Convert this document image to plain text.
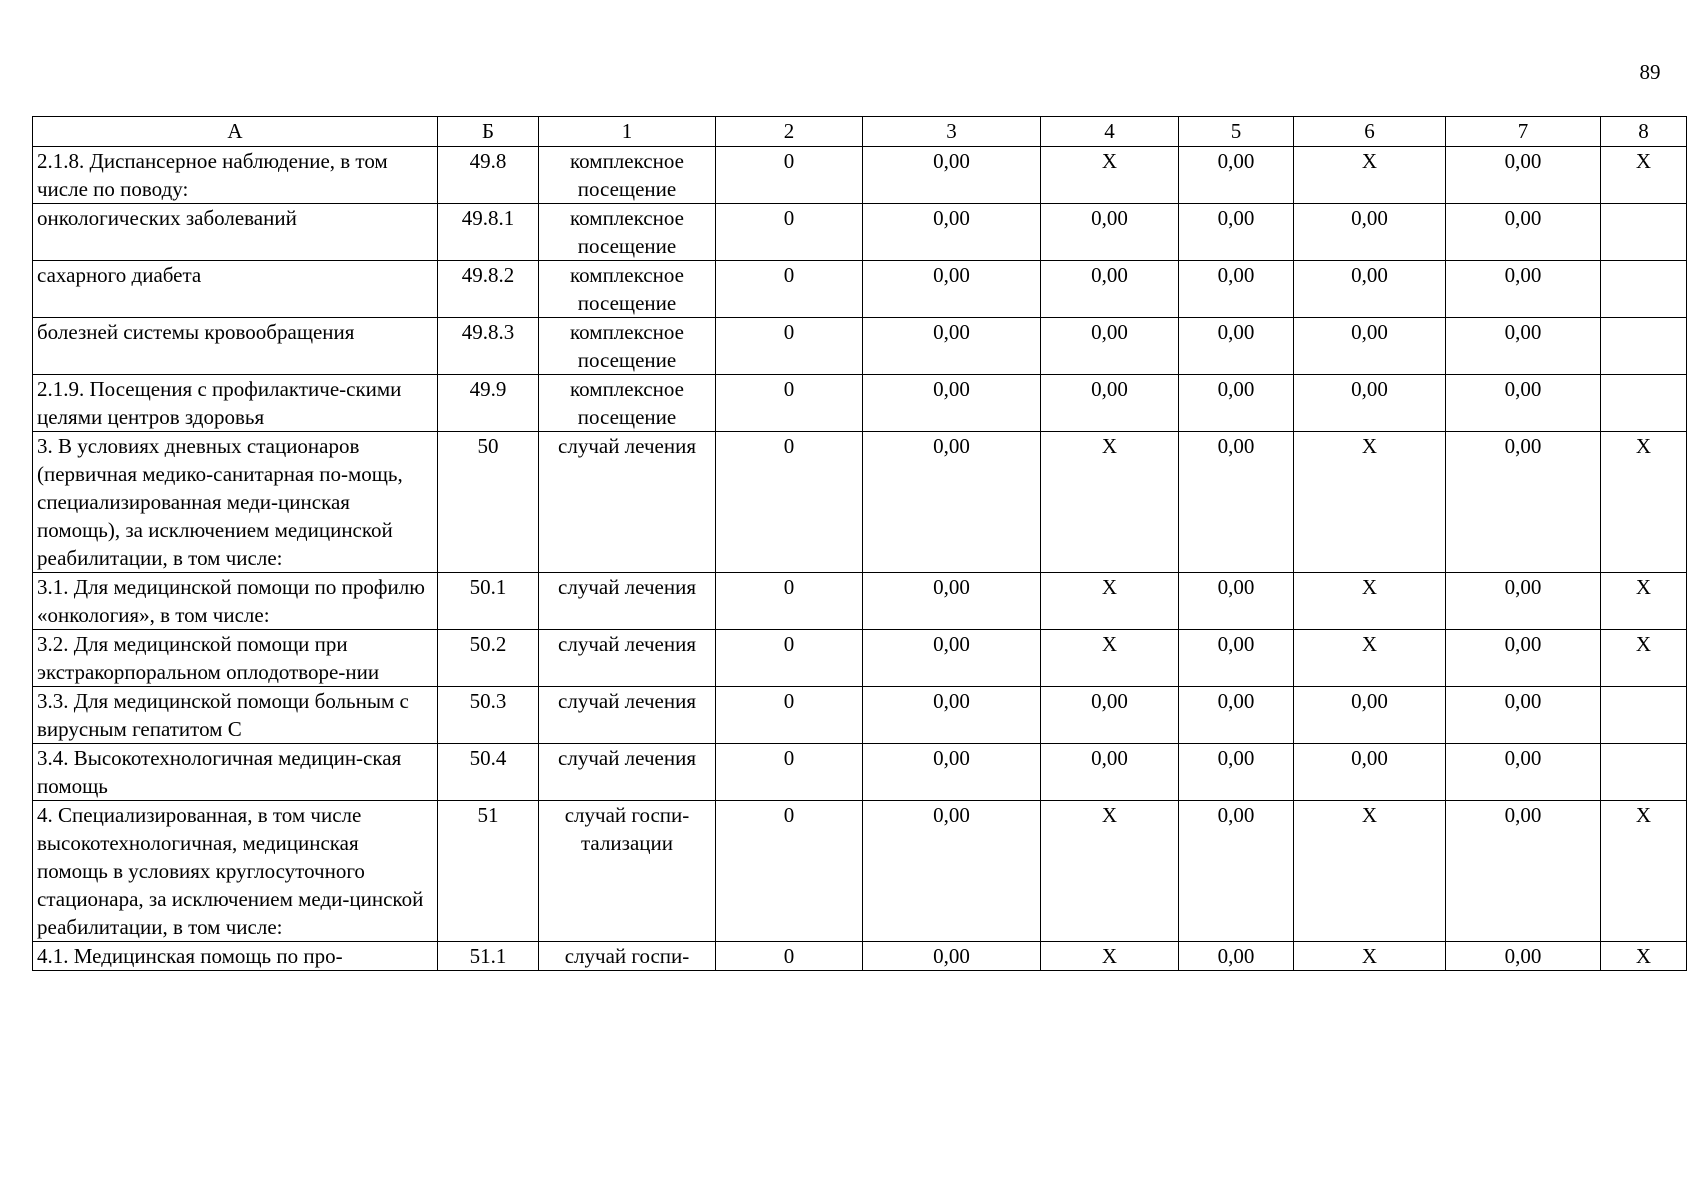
89
А	Б	1	2	3	4	5	6	7	8
2.1.8. Диспансерное наблюдение, в том числе по поводу:	49.8	комплексное посещение	0	0,00	X	0,00	X	0,00	X
онкологических заболеваний	49.8.1	комплексное посещение	0	0,00	0,00	0,00	0,00	0,00	
сахарного диабета	49.8.2	комплексное посещение	0	0,00	0,00	0,00	0,00	0,00	
болезней системы кровообращения	49.8.3	комплексное посещение	0	0,00	0,00	0,00	0,00	0,00	
2.1.9. Посещения с профилактиче-скими целями центров здоровья	49.9	комплексное посещение	0	0,00	0,00	0,00	0,00	0,00	
3. В условиях дневных стационаров (первичная медико-санитарная по-мощь, специализированная меди-цинская помощь), за исключением медицинской реабилитации, в том числе:	50	случай лечения	0	0,00	X	0,00	X	0,00	X
3.1. Для медицинской помощи по профилю «онкология», в том числе:	50.1	случай лечения	0	0,00	X	0,00	X	0,00	X
3.2. Для медицинской помощи при экстракорпоральном оплодотворе-нии	50.2	случай лечения	0	0,00	X	0,00	X	0,00	X
3.3. Для медицинской помощи больным с вирусным гепатитом С	50.3	случай лечения	0	0,00	0,00	0,00	0,00	0,00	
3.4. Высокотехнологичная медицин-ская помощь	50.4	случай лечения	0	0,00	0,00	0,00	0,00	0,00	
4. Специализированная, в том числе высокотехнологичная, медицинская помощь в условиях круглосуточного стационара, за исключением меди-цинской реабилитации, в том числе:	51	случай госпи-тализации	0	0,00	X	0,00	X	0,00	X
4.1. Медицинская помощь по про-	51.1	случай госпи-	0	0,00	X	0,00	X	0,00	X
